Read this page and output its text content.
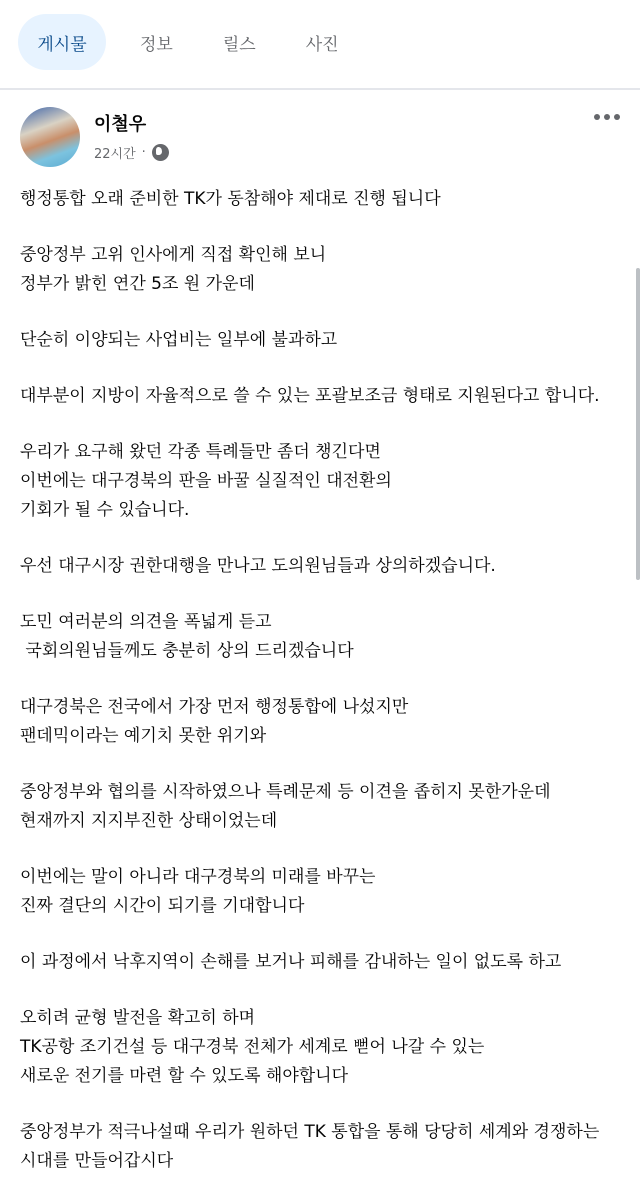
게시물	정보	릴스	사진
이철우
22시간 ·

행정통합 오래 준비한 TK가 동참해야 제대로 진행 됩니다

중앙정부 고위 인사에게 직접 확인해 보니
정부가 밝힌 연간 5조 원 가운데

단순히 이양되는 사업비는 일부에 불과하고

대부분이 지방이 자율적으로 쓸 수 있는 포괄보조금 형태로 지원된다고 합니다.

우리가 요구해 왔던 각종 특례들만 좀더 챙긴다면
이번에는 대구경북의 판을 바꿀 실질적인 대전환의
기회가 될 수 있습니다.

우선 대구시장 권한대행을 만나고 도의원님들과 상의하겠습니다.

도민 여러분의 의견을 폭넓게 듣고
국회의원님들께도 충분히 상의 드리겠습니다

대구경북은 전국에서 가장 먼저 행정통합에 나섰지만
팬데믹이라는 예기치 못한 위기와

중앙정부와 협의를 시작하였으나 특례문제 등 이견을 좁히지 못한가운데
현재까지 지지부진한 상태이었는데

이번에는 말이 아니라 대구경북의 미래를 바꾸는
진짜 결단의 시간이 되기를 기대합니다

이 과정에서 낙후지역이 손해를 보거나 피해를 감내하는 일이 없도록 하고

오히려 균형 발전을 확고히 하며
TK공항 조기건설 등 대구경북 전체가 세계로 뻗어 나갈 수 있는
새로운 전기를 마련 할 수 있도록 해야합니다

중앙정부가 적극나설때 우리가 원하던 TK 통합을 통해 당당히 세계와 경쟁하는
시대를 만들어갑시다
